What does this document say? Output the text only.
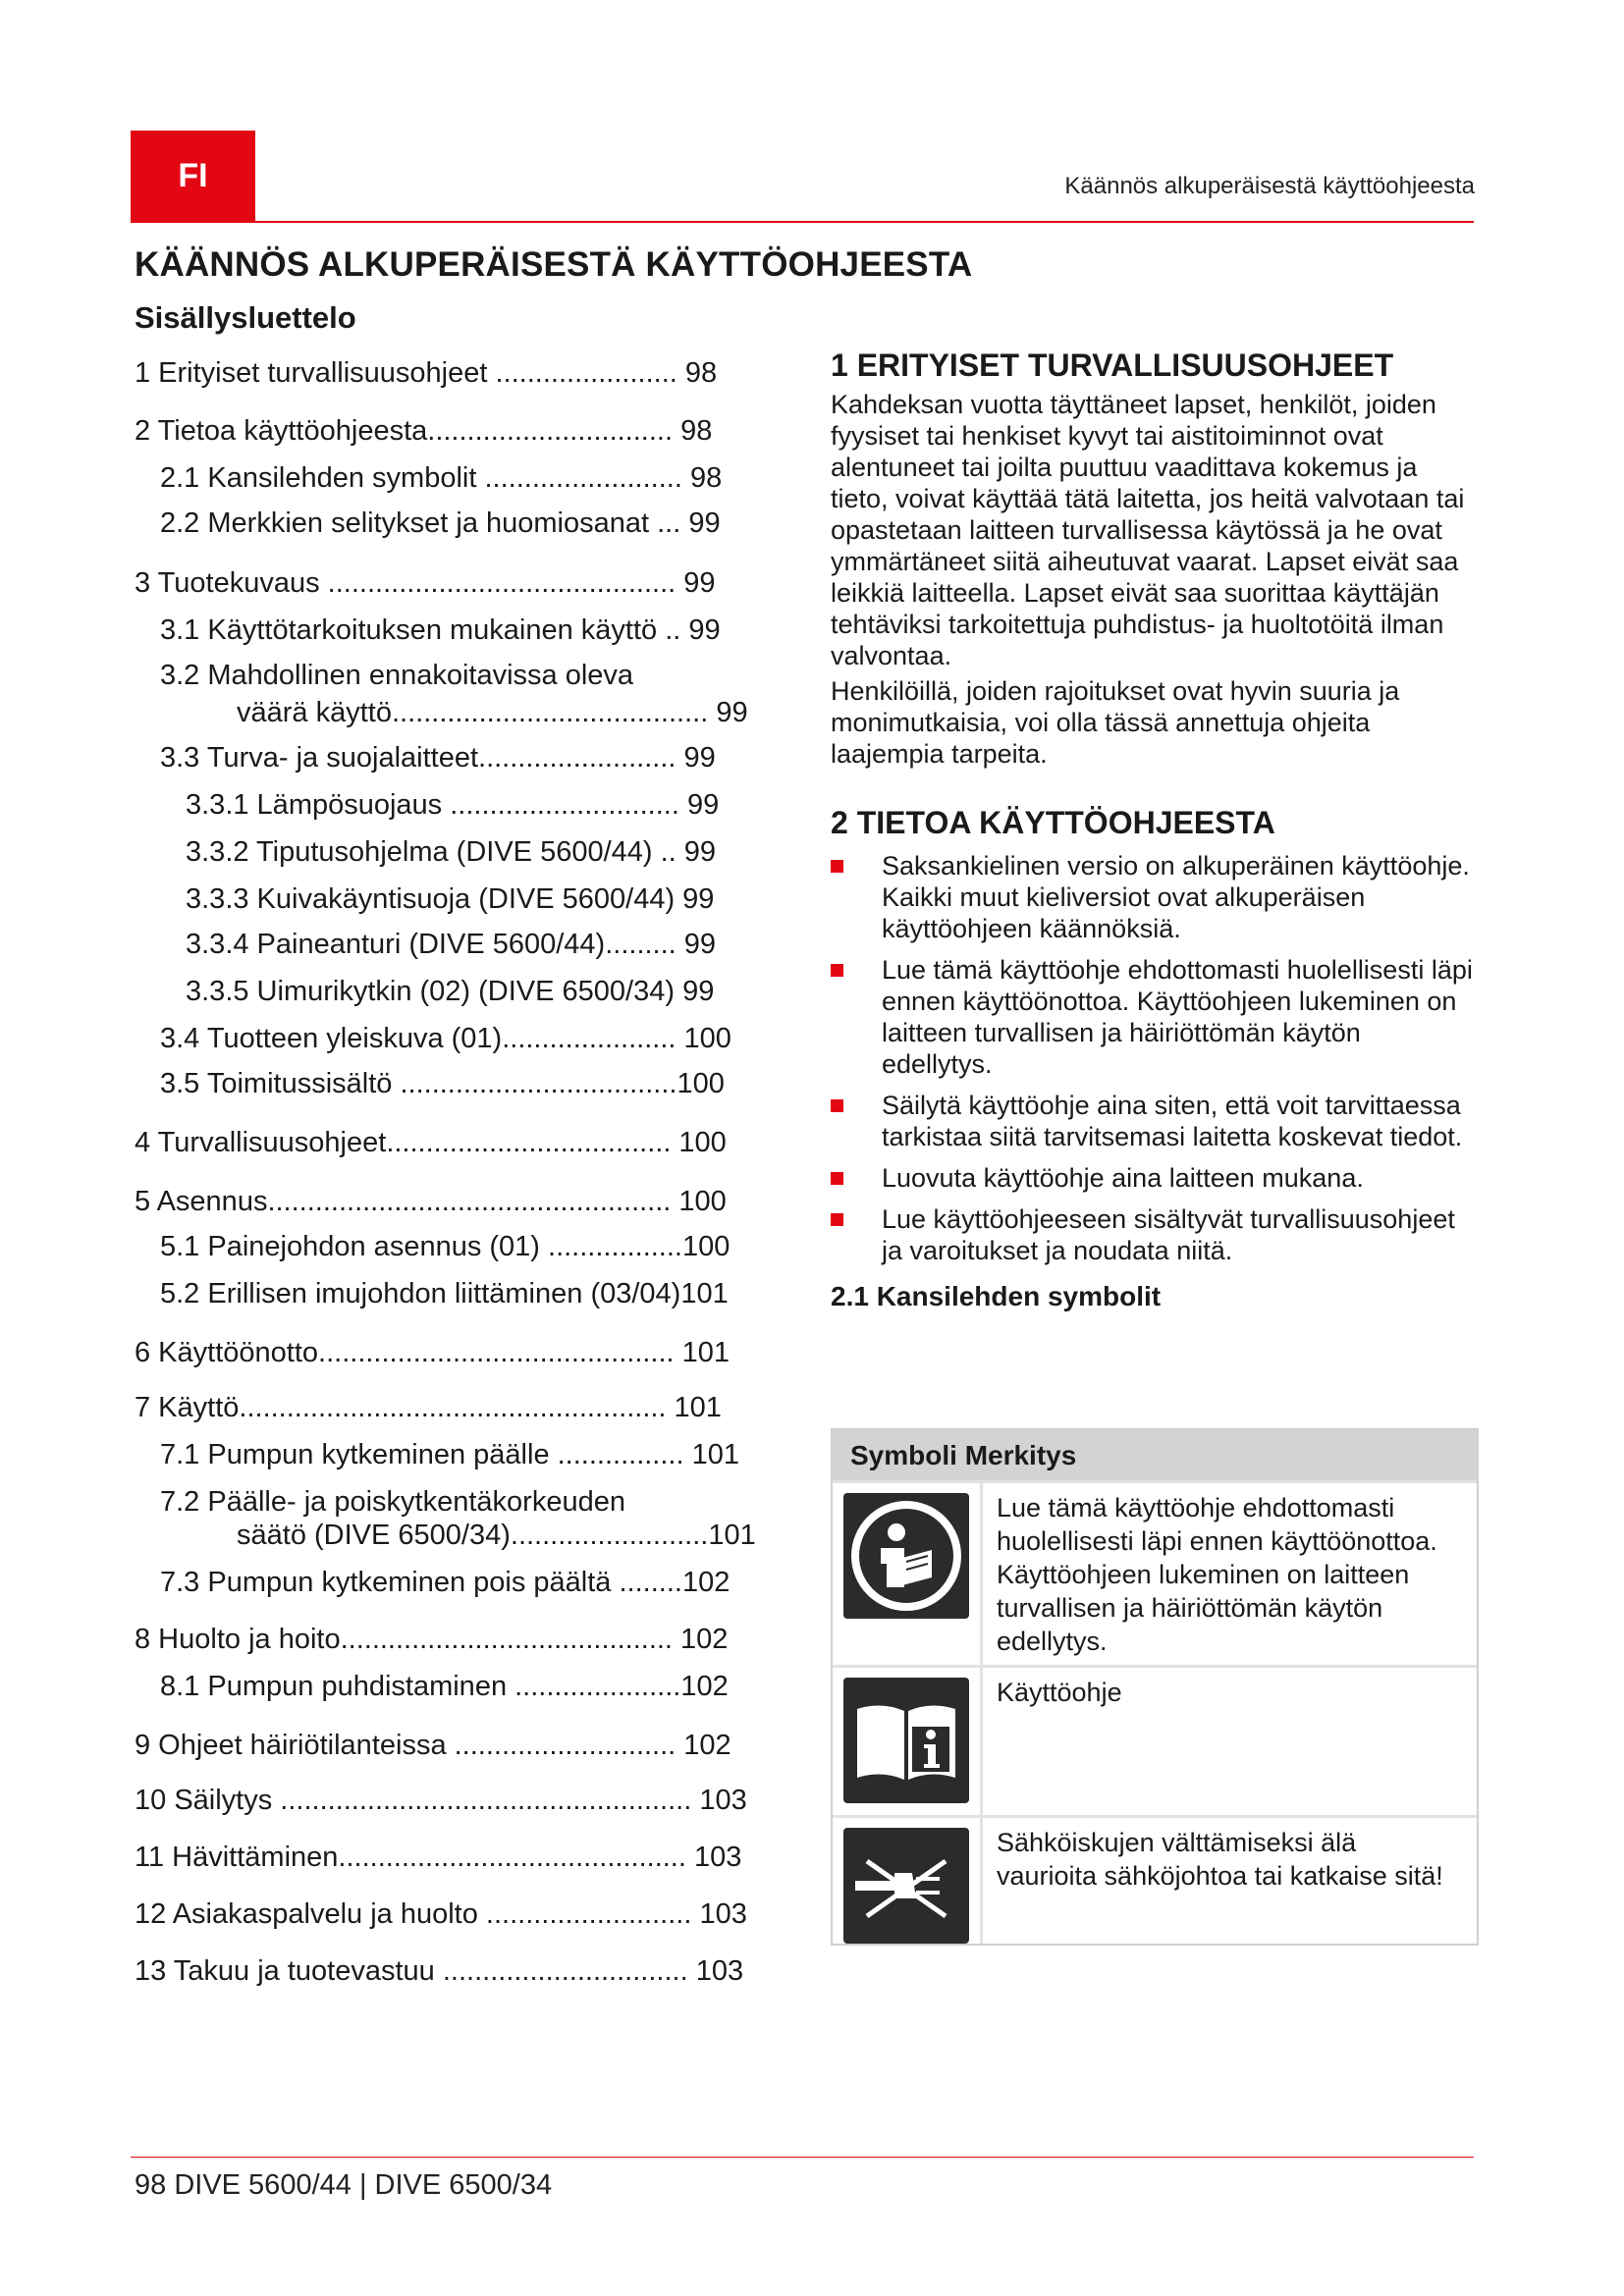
FI	Käännös alkuperäisestä käyttöohjeesta
KÄÄNNÖS ALKUPERÄISESTÄ KÄYTTÖOHJEESTA
Sisällysluettelo
1 Erityiset turvallisuusohjeet ....................... 98
2 Tietoa käyttöohjeesta............................... 98
2.1 Kansilehden symbolit ......................... 98
2.2 Merkkien selitykset ja huomiosanat ... 99
3 Tuotekuvaus ............................................ 99
3.1 Käyttötarkoituksen mukainen käyttö .. 99
3.2 Mahdollinen ennakoitavissa oleva
väärä käyttö........................................ 99
3.3 Turva- ja suojalaitteet......................... 99
3.3.1 Lämpösuojaus ............................. 99
3.3.2 Tiputusohjelma (DIVE 5600/44) .. 99
3.3.3 Kuivakäyntisuoja (DIVE 5600/44) 99
3.3.4 Paineanturi (DIVE 5600/44)......... 99
3.3.5 Uimurikytkin (02) (DIVE 6500/34) 99
3.4 Tuotteen yleiskuva (01)...................... 100
3.5 Toimitussisältö ...................................100
4 Turvallisuusohjeet.................................... 100
5 Asennus................................................... 100
5.1 Painejohdon asennus (01) .................100
5.2 Erillisen imujohdon liittäminen (03/04)101
6 Käyttöönotto............................................. 101
7 Käyttö...................................................... 101
7.1 Pumpun kytkeminen päälle ................ 101
7.2 Päälle- ja poiskytkentäkorkeuden
säätö (DIVE 6500/34).........................101
7.3 Pumpun kytkeminen pois päältä ........102
8 Huolto ja hoito.......................................... 102
8.1 Pumpun puhdistaminen .....................102
9 Ohjeet häiriötilanteissa ............................ 102
10 Säilytys .................................................... 103
11 Hävittäminen............................................ 103
12 Asiakaspalvelu ja huolto .......................... 103
13 Takuu ja tuotevastuu ............................... 103
1 ERITYISET TURVALLISUUSOHJEET

Kahdeksan vuotta täyttäneet lapset, henkilöt, joiden fyysiset tai henkiset kyvyt tai aistitoiminnot ovat alentuneet tai joilta puuttuu vaadittava kokemus ja tieto, voivat käyttää tätä laitetta, jos heitä valvotaan tai opastetaan laitteen turvallisessa käytössä ja he ovat ymmärtäneet siitä aiheutuvat vaarat. Lapset eivät saa leikkiä laitteella. Lapset eivät saa suorittaa käyttäjän tehtäviksi tarkoitettuja puhdistus- ja huoltotöitä ilman valvontaa.

Henkilöillä, joiden rajoitukset ovat hyvin suuria ja monimutkaisia, voi olla tässä annettuja ohjeita laajempia tarpeita.

2 TIETOA KÄYTTÖOHJEESTA
Saksankielinen versio on alkuperäinen käyttöohje. Kaikki muut kieliversiot ovat alkuperäisen käyttöohjeen käännöksiä.
Lue tämä käyttöohje ehdottomasti huolellisesti läpi ennen käyttöönottoa. Käyttöohjeen lukeminen on laitteen turvallisen ja häiriöttömän käytön edellytys.
Säilytä käyttöohje aina siten, että voit tarvittaessa tarkistaa siitä tarvitsemasi laitetta koskevat tiedot.
Luovuta käyttöohje aina laitteen mukana.
Lue käyttöohjeeseen sisältyvät turvallisuusohjeet ja varoitukset ja noudata niitä.
2.1 Kansilehden symbolit
Symboli Merkitys
Lue tämä käyttöohje ehdottomasti huolellisesti läpi ennen käyttöönottoa. Käyttöohjeen lukeminen on laitteen turvallisen ja häiriöttömän käytön edellytys.
Käyttöohje
Sähköiskujen välttämiseksi älä vaurioita sähköjohtoa tai katkaise sitä!
98 DIVE 5600/44 | DIVE 6500/34
